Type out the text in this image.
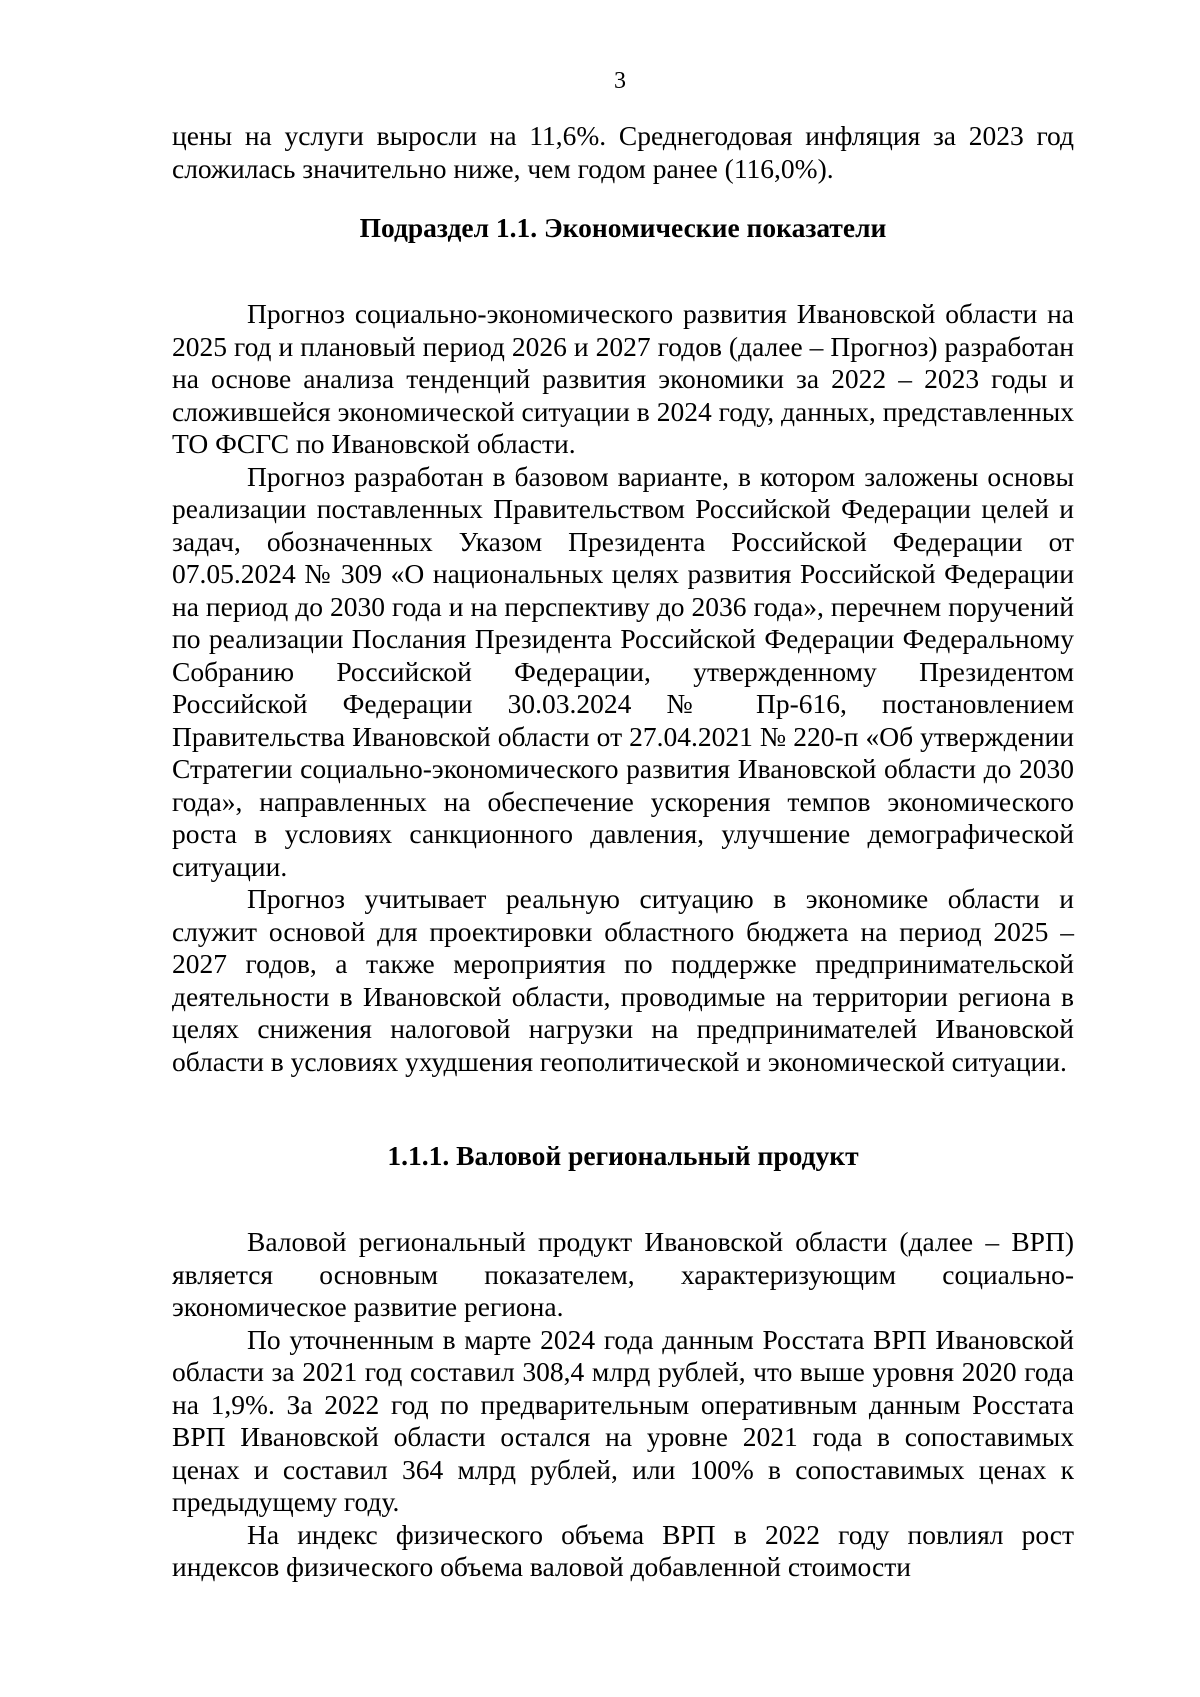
3

цены на услуги выросли на 11,6%. Среднегодовая инфляция за 2023 год сложилась значительно ниже, чем годом ранее (116,0%).

Подраздел 1.1. Экономические показатели

Прогноз социально-экономического развития Ивановской области на 2025 год и плановый период 2026 и 2027 годов (далее – Прогноз) разработан на основе анализа тенденций развития экономики за 2022 – 2023 годы и сложившейся экономической ситуации в 2024 году, данных, представленных ТО ФСГС по Ивановской области.

Прогноз разработан в базовом варианте, в котором заложены основы реализации поставленных Правительством Российской Федерации целей и задач, обозначенных Указом Президента Российской Федерации от 07.05.2024 № 309 «О национальных целях развития Российской Федерации на период до 2030 года и на перспективу до 2036 года», перечнем поручений по реализации Послания Президента Российской Федерации Федеральному Собранию Российской Федерации, утвержденному Президентом Российской Федерации 30.03.2024 № Пр-616, постановлением Правительства Ивановской области от 27.04.2021 № 220-п «Об утверждении Стратегии социально-экономического развития Ивановской области до 2030 года», направленных на обеспечение ускорения темпов экономического роста в условиях санкционного давления, улучшение демографической ситуации.

Прогноз учитывает реальную ситуацию в экономике области и служит основой для проектировки областного бюджета на период 2025 – 2027 годов, а также мероприятия по поддержке предпринимательской деятельности в Ивановской области, проводимые на территории региона в целях снижения налоговой нагрузки на предпринимателей Ивановской области в условиях ухудшения геополитической и экономической ситуации.

1.1.1. Валовой региональный продукт

Валовой региональный продукт Ивановской области (далее – ВРП) является основным показателем, характеризующим социально-экономическое развитие региона.

По уточненным в марте 2024 года данным Росстата ВРП Ивановской области за 2021 год составил 308,4 млрд рублей, что выше уровня 2020 года на 1,9%. За 2022 год по предварительным оперативным данным Росстата ВРП Ивановской области остался на уровне 2021 года в сопоставимых ценах и составил 364 млрд рублей, или 100% в сопоставимых ценах к предыдущему году.

На индекс физического объема ВРП в 2022 году повлиял рост индексов физического объема валовой добавленной стоимости
